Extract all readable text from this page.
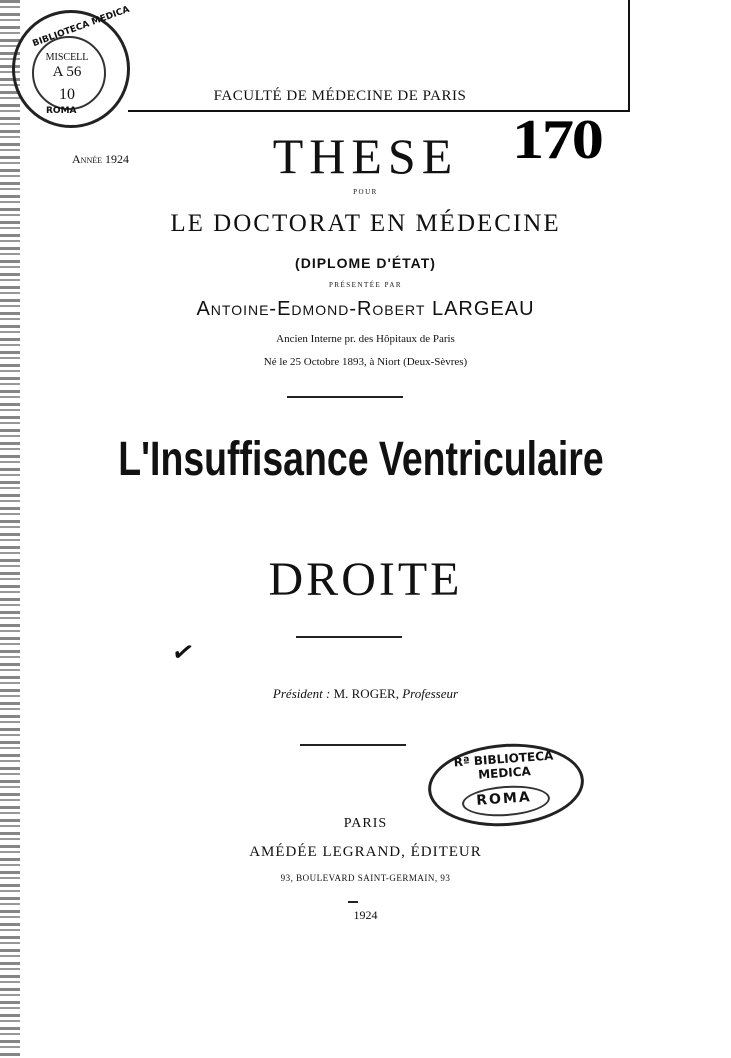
BIBLIOTECA MEDICA
ROMA
MISCELL
A 56
10	FACULTÉ DE MÉDECINE DE PARIS
Année 1924	THESE 170
POUR
LE DOCTORAT EN MÉDECINE
(DIPLOME D'ÉTAT)
PRÉSENTÉE PAR
Antoine-Edmond-Robert LARGEAU
Ancien Interne pr. des Hôpitaux de Paris
Né le 25 Octobre 1893, à Niort (Deux-Sèvres)
L'Insuffisance Ventriculaire
DROITE
✓
Président : M. ROGER, Professeur
Rª BIBLIOTECA MEDICA
ROMA
PARIS
AMÉDÉE LEGRAND, ÉDITEUR
93, BOULEVARD SAINT-GERMAIN, 93
1924
